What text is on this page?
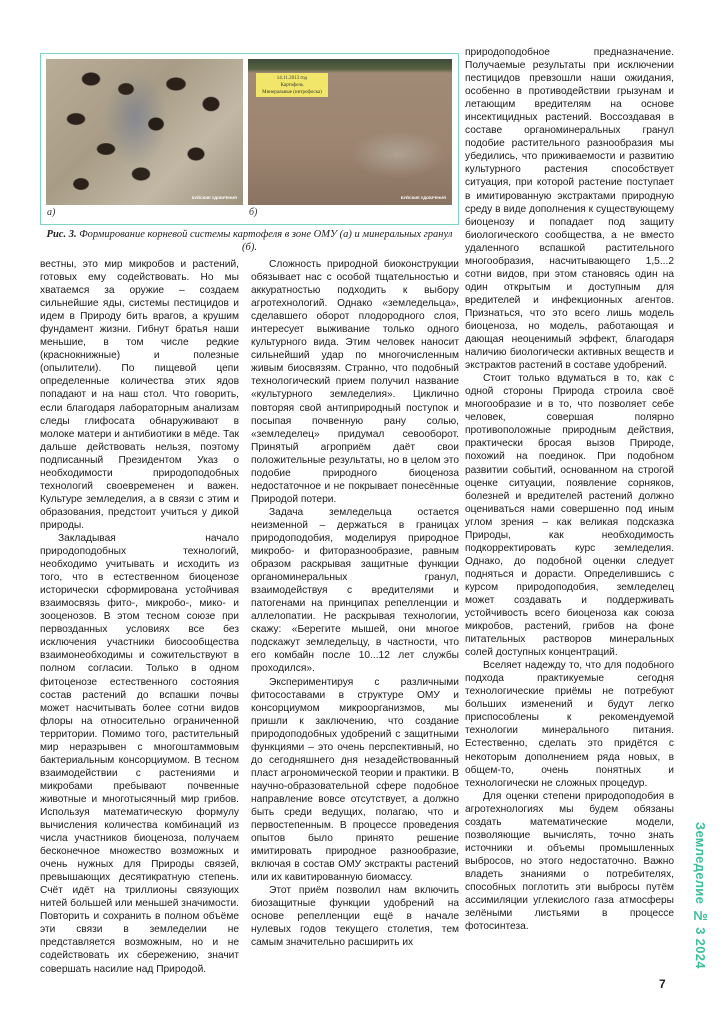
БУЙСКИЕ УДОБРЕНИЯ
14.11.2013 год
Картофель
Минеральные (нитрофоска)
БУЙСКИЕ УДОБРЕНИЯ
а)	б)
Рис. 3. Формирование корневой системы картофеля в зоне ОМУ (а) и минеральных гранул (б).

вестны, это мир микробов и растений, готовых ему содействовать. Но мы хватаемся за оружие – создаем сильнейшие яды, системы пестицидов и идем в Природу бить врагов, а крушим фундамент жизни. Гибнут братья наши меньшие, в том числе редкие (краснокнижные) и полезные (опылители). По пищевой цепи определенные количества этих ядов попадают и на наш стол. Что говорить, если благодаря лабораторным анализам следы глифосата обнаруживают в молоке матери и антибиотики в мёде. Так дальше действовать нельзя, поэтому подписанный Президентом Указ о необходимости природоподобных технологий своевременен и важен. Культуре земледелия, а в связи с этим и образования, предстоит учиться у дикой природы.

Закладывая начало природоподобных технологий, необходимо учитывать и исходить из того, что в естественном биоценозе исторически сформирована устойчивая взаимосвязь фито-, микробо-, мико- и зооценозов. В этом тесном союзе при первозданных условиях все без исключения участники биосообщества взаимонеобходимы и сожительствуют в полном согласии. Только в одном фитоценозе естественного состояния состав растений до вспашки почвы может насчитывать более сотни видов флоры на относительно ограниченной территории. Помимо того, растительный мир неразрывен с многоштаммовым бактериальным консорциумом. В тесном взаимодействии с растениями и микробами пребывают почвенные животные и многотысячный мир грибов. Используя математическую формулу вычисления количества комбинаций из числа участников биоценоза, получаем бесконечное множество возможных и очень нужных для Природы связей, превышающих десятикратную степень. Счёт идёт на триллионы связующих нитей большей или меньшей значимости. Повторить и сохранить в полном объёме эти связи в земледелии не представляется возможным, но и не содействовать их сбережению, значит совершать насилие над Природой.

Сложность природной биоконструкции обязывает нас с особой тщательностью и аккуратностью подходить к выбору агротехнологий. Однако «земледельца», сделавшего оборот плодородного слоя, интересует выживание только одного культурного вида. Этим человек наносит сильнейший удар по многочисленным живым биосвязям. Странно, что подобный технологический прием получил название «культурного земледелия». Циклично повторяя свой антиприродный поступок и посыпая почвенную рану солью, «земледелец» придумал севооборот. Принятый агроприём даёт свои положительные результаты, но в целом это подобие природного биоценоза недостаточное и не покрывает понесённые Природой потери.

Задача земледельца остается неизменной – держаться в границах природоподобия, моделируя природное микробо- и фиторазнообразие, равным образом раскрывая защитные функции органоминеральных гранул, взаимодействуя с вредителями и патогенами на принципах репелленции и аллелопатии. Не раскрывая технологии, скажу: «Берегите мышей, они многое подскажут земледельцу, в частности, что его комбайн после 10...12 лет службы проходился».

Экспериментируя с различными фитосоставами в структуре ОМУ и консорциумом микроорганизмов, мы пришли к заключению, что создание природоподобных удобрений с защитными функциями – это очень перспективный, но до сегодняшнего дня незадействованный пласт агрономической теории и практики. В научно-образовательной сфере подобное направление вовсе отсутствует, а должно быть среди ведущих, полагаю, что и первостепенным. В процессе проведения опытов было принято решение имитировать природное разнообразие, включая в состав ОМУ экстракты растений или их кавитированную биомассу.

Этот приём позволил нам включить биозащитные функции удобрений на основе репелленции ещё в начале нулевых годов текущего столетия, тем самым значительно расширить их

природоподобное предназначение. Получаемые результаты при исключении пестицидов превзошли наши ожидания, особенно в противодействии грызунам и летающим вредителям на основе инсектицидных растений. Воссоздавая в составе органоминеральных гранул подобие растительного разнообразия мы убедились, что приживаемости и развитию культурного растения способствует ситуация, при которой растение поступает в имитированную экстрактами природную среду в виде дополнения к существующему биоценозу и попадает под защиту биологического сообщества, а не вместо удаленного вспашкой растительного многообразия, насчитывающего 1,5...2 сотни видов, при этом становясь один на один открытым и доступным для вредителей и инфекционных агентов. Признаться, что это всего лишь модель биоценоза, но модель, работающая и дающая неоценимый эффект, благодаря наличию биологически активных веществ и экстрактов растений в составе удобрений.

Стоит только вдуматься в то, как с одной стороны Природа строила своё многообразие и в то, что позволяет себе человек, совершая полярно противоположные природным действия, практически бросая вызов Природе, похожий на поединок. При подобном развитии событий, основанном на строгой оценке ситуации, появление сорняков, болезней и вредителей растений должно оцениваться нами совершенно под иным углом зрения – как великая подсказка Природы, как необходимость подкорректировать курс земледелия. Однако, до подобной оценки следует подняться и дорасти. Определившись с курсом природоподобия, земледелец может создавать и поддерживать устойчивость всего биоценоза как союза микробов, растений, грибов на фоне питательных растворов минеральных солей доступных концентраций.

Вселяет надежду то, что для подобного подхода практикуемые сегодня технологические приёмы не потребуют больших изменений и будут легко приспособлены к рекомендуемой технологии минерального питания. Естественно, сделать это придётся с некоторым дополнением ряда новых, в общем-то, очень понятных и технологически не сложных процедур.

Для оценки степени природоподобия в агротехнологиях мы будем обязаны создать математические модели, позволяющие вычислять, точно знать источники и объемы промышленных выбросов, но этого недостаточно. Важно владеть знаниями о потребителях, способных поглотить эти выбросы путём ассимиляции углекислого газа атмосферы зелёными листьями в процессе фотосинтеза.	Земледелие № 3 2024
7
